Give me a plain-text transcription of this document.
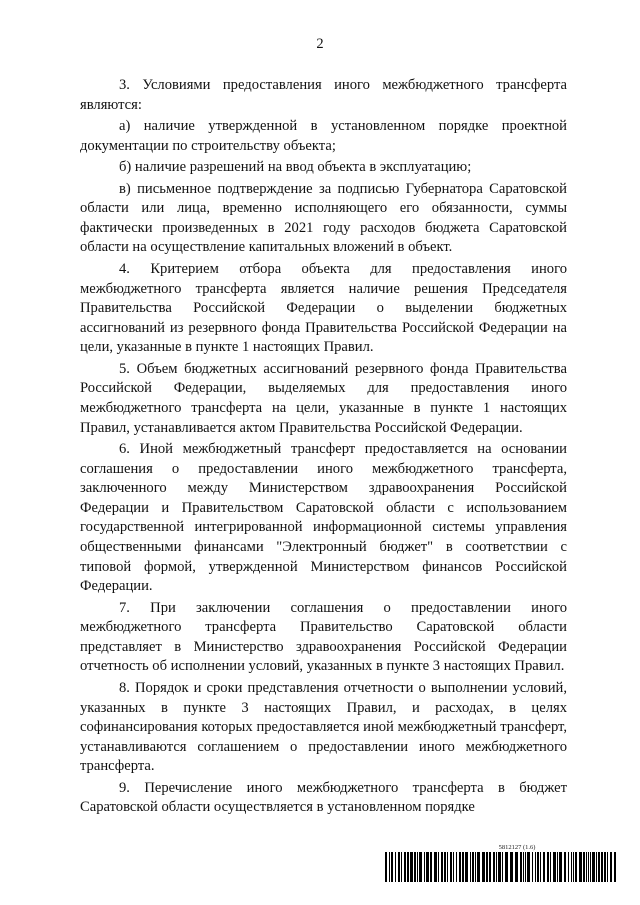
2

3. Условиями предоставления иного межбюджетного трансферта являются:

а) наличие утвержденной в установленном порядке проектной документации по строительству объекта;

б) наличие разрешений на ввод объекта в эксплуатацию;

в) письменное подтверждение за подписью Губернатора Саратовской области или лица, временно исполняющего его обязанности, суммы фактически произведенных в 2021 году расходов бюджета Саратовской области на осуществление капитальных вложений в объект.

4. Критерием отбора объекта для предоставления иного межбюджетного трансферта является наличие решения Председателя Правительства Российской Федерации о выделении бюджетных ассигнований из резервного фонда Правительства Российской Федерации на цели, указанные в пункте 1 настоящих Правил.

5. Объем бюджетных ассигнований резервного фонда Правительства Российской Федерации, выделяемых для предоставления иного межбюджетного трансферта на цели, указанные в пункте 1 настоящих Правил, устанавливается актом Правительства Российской Федерации.

6. Иной межбюджетный трансферт предоставляется на основании соглашения о предоставлении иного межбюджетного трансферта, заключенного между Министерством здравоохранения Российской Федерации и Правительством Саратовской области с использованием государственной интегрированной информационной системы управления общественными финансами "Электронный бюджет" в соответствии с типовой формой, утвержденной Министерством финансов Российской Федерации.

7. При заключении соглашения о предоставлении иного межбюджетного трансферта Правительство Саратовской области представляет в Министерство здравоохранения Российской Федерации отчетность об исполнении условий, указанных в пункте 3 настоящих Правил.

8. Порядок и сроки представления отчетности о выполнении условий, указанных в пункте 3 настоящих Правил, и расходах, в целях софинансирования которых предоставляется иной межбюджетный трансферт, устанавливаются соглашением о предоставлении иного межбюджетного трансферта.

9. Перечисление иного межбюджетного трансферта в бюджет Саратовской области осуществляется в установленном порядке

5812127 (1.6)
